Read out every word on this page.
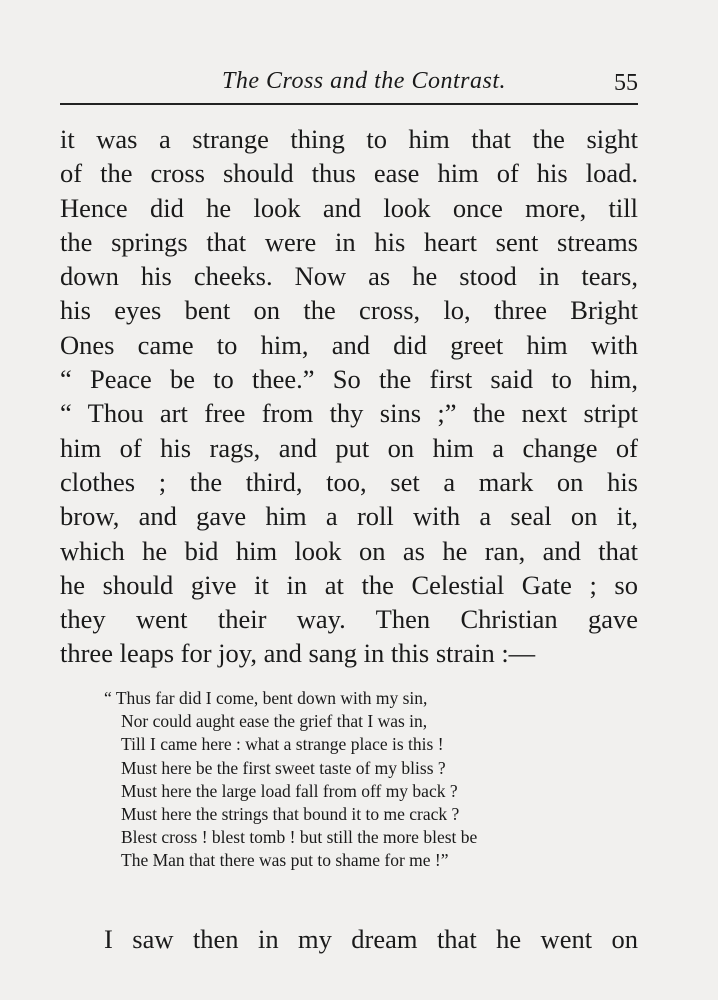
The Cross and the Contrast.	55
it was a strange thing to him that the sight
of the cross should thus ease him of his load.
Hence did he look and look once more, till
the springs that were in his heart sent streams
down his cheeks. Now as he stood in tears,
his eyes bent on the cross, lo, three Bright
Ones came to him, and did greet him with
“ Peace be to thee.” So the first said to him,
“ Thou art free from thy sins ;” the next stript
him of his rags, and put on him a change of
clothes ; the third, too, set a mark on his
brow, and gave him a roll with a seal on it,
which he bid him look on as he ran, and that
he should give it in at the Celestial Gate ; so
they went their way. Then Christian gave
three leaps for joy, and sang in this strain :—
“ Thus far did I come, bent down with my sin,
Nor could aught ease the grief that I was in,
Till I came here : what a strange place is this !
Must here be the first sweet taste of my bliss ?
Must here the large load fall from off my back ?
Must here the strings that bound it to me crack ?
Blest cross ! blest tomb ! but still the more blest be
The Man that there was put to shame for me !”
I saw then in my dream that he went on
